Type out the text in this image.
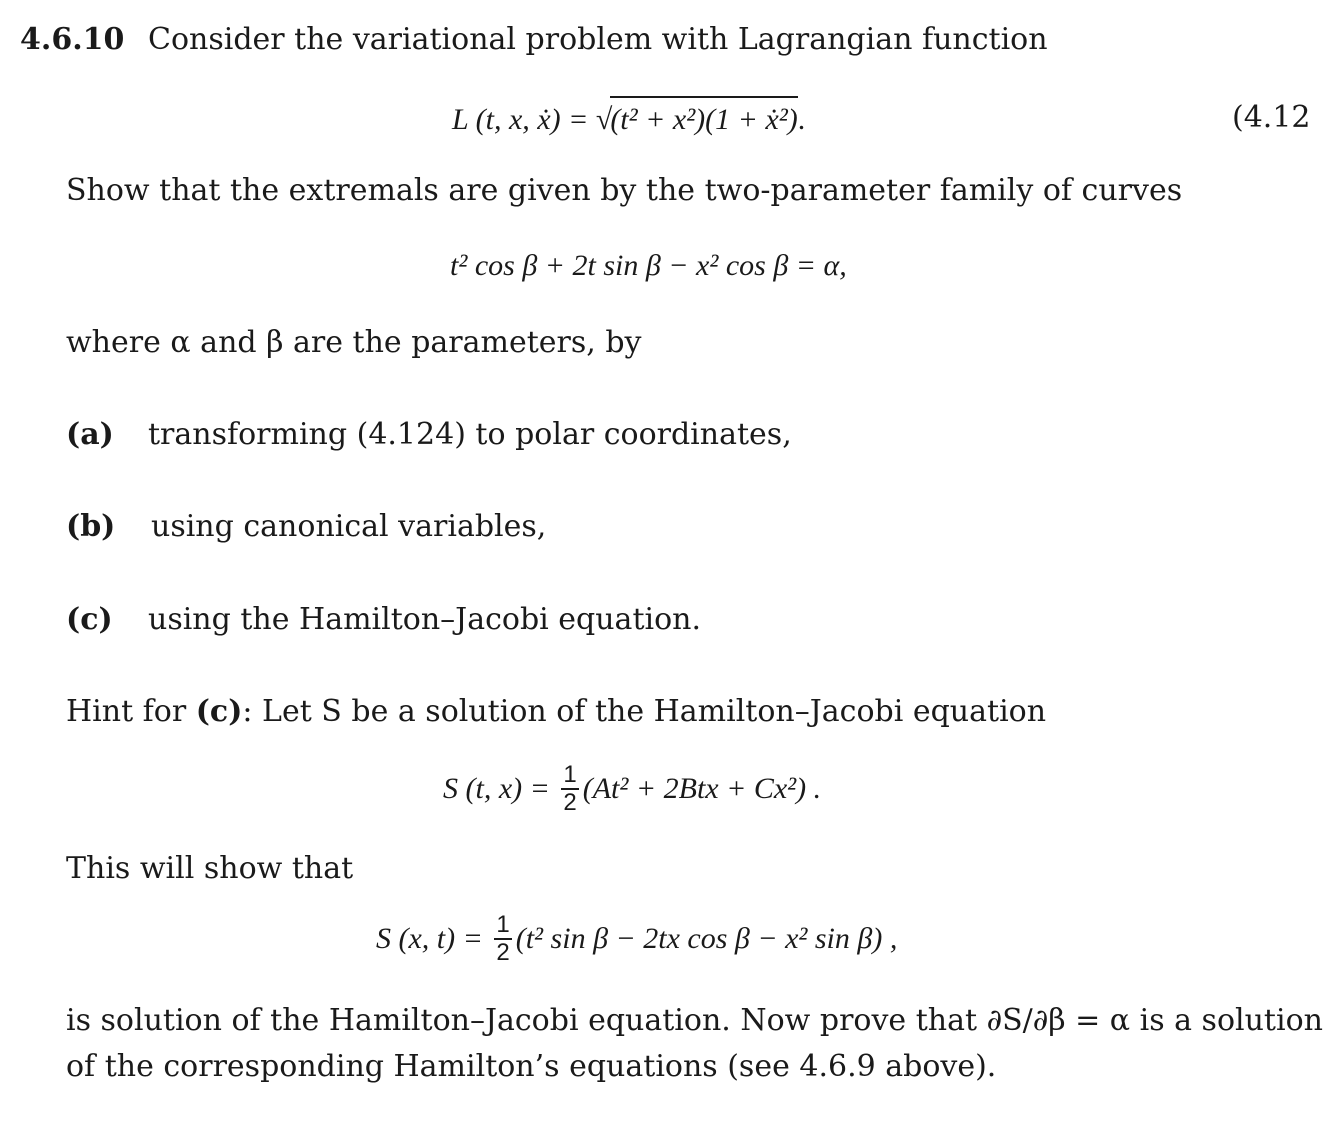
4.6.10 Consider the variational problem with Lagrangian function
L (t, x, ẋ) = √(t² + x²)(1 + ẋ²).	(4.12
Show that the extremals are given by the two-parameter family of curves
t² cos β + 2t sin β − x² cos β = α,
where α and β are the parameters, by
(a) transforming (4.124) to polar coordinates,
(b) using canonical variables,
(c) using the Hamilton–Jacobi equation.
Hint for (c): Let S be a solution of the Hamilton–Jacobi equation
S (t, $x) = \frac{1}{2} (At^2 + 2Btx + Cx^2)$ .
This will show that
S (x, $t) = \frac{1}{2} (t^2$ sin β − 2tx cos β − x² sin β) ,
is solution of the Hamilton–Jacobi equation. Now prove that ∂S/∂β = α is a solution
of the corresponding Hamilton’s equations (see 4.6.9 above).
